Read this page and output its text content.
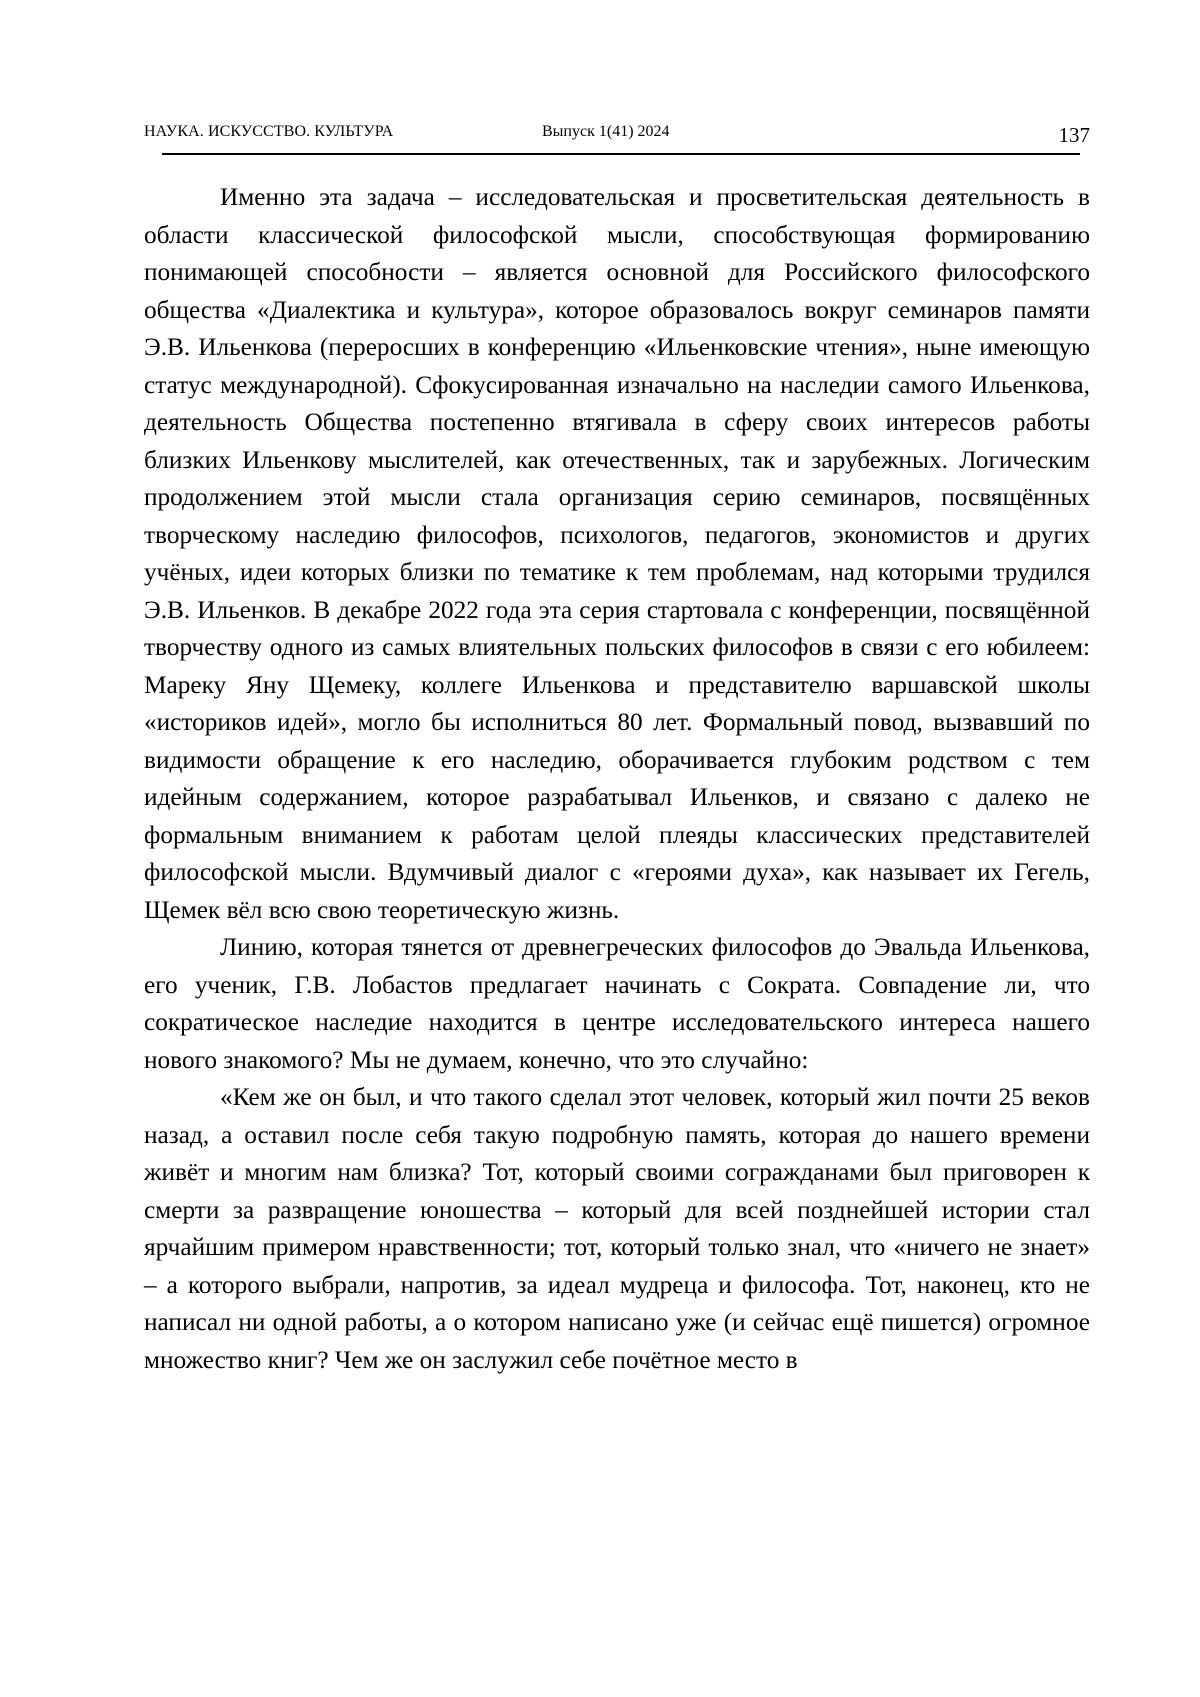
НАУКА. ИСКУССТВО. КУЛЬТУРА	Выпуск 1(41) 2024	137

Именно эта задача – исследовательская и просветительская деятельность в области классической философской мысли, способствующая формированию понимающей способности – является основной для Российского философского общества «Диалектика и культура», которое образовалось вокруг семинаров памяти Э.В. Ильенкова (переросших в конференцию «Ильенковские чтения», ныне имеющую статус международной). Сфокусированная изначально на наследии самого Ильенкова, деятельность Общества постепенно втягивала в сферу своих интересов работы близких Ильенкову мыслителей, как отечественных, так и зарубежных. Логическим продолжением этой мысли стала организация серию семинаров, посвящённых творческому наследию философов, психологов, педагогов, экономистов и других учёных, идеи которых близки по тематике к тем проблемам, над которыми трудился Э.В. Ильенков. В декабре 2022 года эта серия стартовала с конференции, посвящённой творчеству одного из самых влиятельных польских философов в связи с его юбилеем: Мареку Яну Щемеку, коллеге Ильенкова и представителю варшавской школы «историков идей», могло бы исполниться 80 лет. Формальный повод, вызвавший по видимости обращение к его наследию, оборачивается глубоким родством с тем идейным содержанием, которое разрабатывал Ильенков, и связано с далеко не формальным вниманием к работам целой плеяды классических представителей философской мысли. Вдумчивый диалог с «героями духа», как называет их Гегель, Щемек вёл всю свою теоретическую жизнь.

Линию, которая тянется от древнегреческих философов до Эвальда Ильенкова, его ученик, Г.В. Лобастов предлагает начинать с Сократа. Совпадение ли, что сократическое наследие находится в центре исследовательского интереса нашего нового знакомого? Мы не думаем, конечно, что это случайно:

«Кем же он был, и что такого сделал этот человек, который жил почти 25 веков назад, а оставил после себя такую подробную память, которая до нашего времени живёт и многим нам близка? Тот, который своими согражданами был приговорен к смерти за развращение юношества – который для всей позднейшей истории стал ярчайшим примером нравственности; тот, который только знал, что «ничего не знает» – а которого выбрали, напротив, за идеал мудреца и философа. Тот, наконец, кто не написал ни одной работы, а о котором написано уже (и сейчас ещё пишется) огромное множество книг? Чем же он заслужил себе почётное место в
